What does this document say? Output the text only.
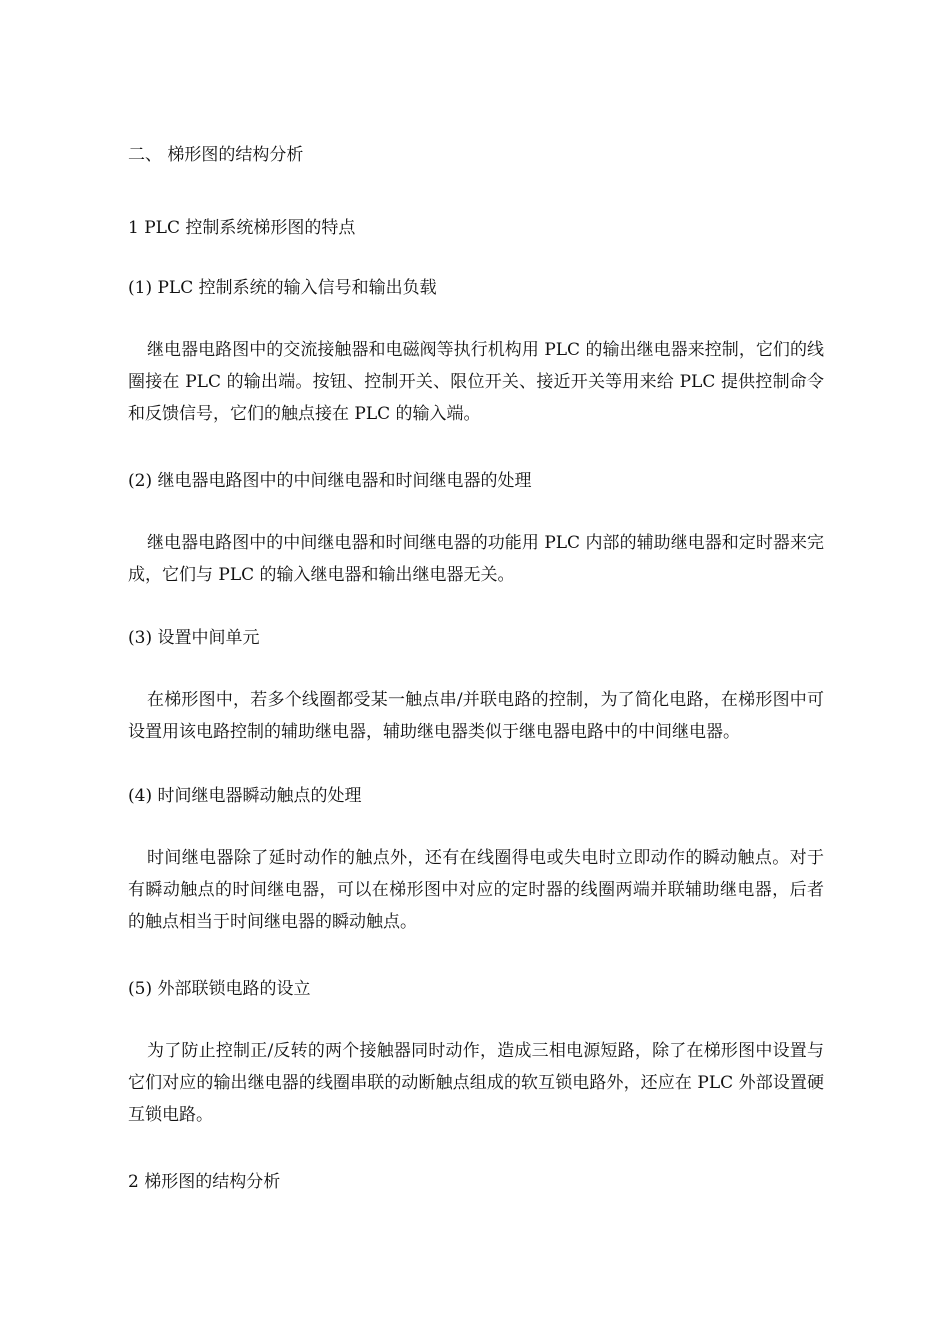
二、 梯形图的结构分析
1 PLC 控制系统梯形图的特点
(1) PLC 控制系统的输入信号和输出负载
继电器电路图中的交流接触器和电磁阀等执行机构用 PLC 的输出继电器来控制，它们的线圈接在 PLC 的输出端。按钮、控制开关、限位开关、接近开关等用来给 PLC 提供控制命令和反馈信号，它们的触点接在 PLC 的输入端。
(2) 继电器电路图中的中间继电器和时间继电器的处理
继电器电路图中的中间继电器和时间继电器的功能用 PLC 内部的辅助继电器和定时器来完成，它们与 PLC 的输入继电器和输出继电器无关。
(3) 设置中间单元
在梯形图中，若多个线圈都受某一触点串/并联电路的控制，为了简化电路，在梯形图中可设置用该电路控制的辅助继电器，辅助继电器类似于继电器电路中的中间继电器。
(4) 时间继电器瞬动触点的处理
时间继电器除了延时动作的触点外，还有在线圈得电或失电时立即动作的瞬动触点。对于有瞬动触点的时间继电器，可以在梯形图中对应的定时器的线圈两端并联辅助继电器，后者的触点相当于时间继电器的瞬动触点。
(5) 外部联锁电路的设立
为了防止控制正/反转的两个接触器同时动作，造成三相电源短路，除了在梯形图中设置与它们对应的输出继电器的线圈串联的动断触点组成的软互锁电路外，还应在 PLC 外部设置硬互锁电路。
2 梯形图的结构分析
